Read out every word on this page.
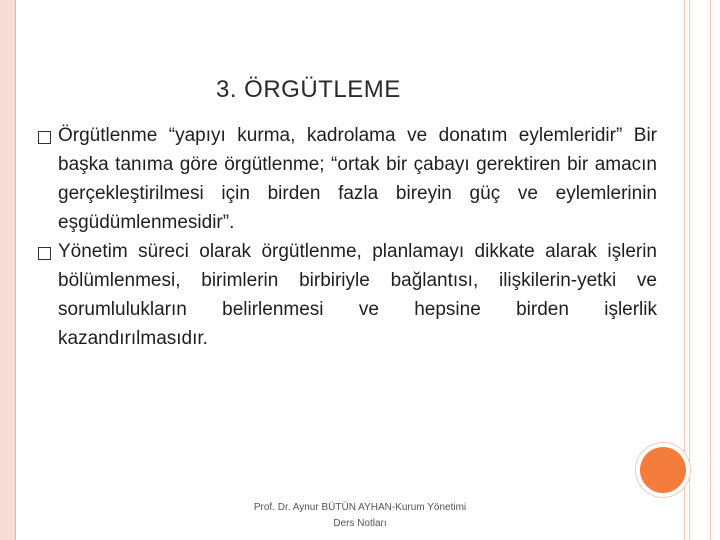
3. ÖRGÜTLEME

Örgütlenme “yapıyı kurma, kadrolama ve donatım eylemleridir” Bir başka tanıma göre örgütlenme; “ortak bir çabayı gerektiren bir amacın gerçekleştirilmesi için birden fazla bireyin güç ve eylemlerinin eşgüdümlenmesidir”.

Yönetim süreci olarak örgütlenme, planlamayı dikkate alarak işlerin bölümlenmesi, birimlerin birbiriyle bağlantısı, ilişkilerin-yetki ve sorumlulukların belirlenmesi ve hepsine birden işlerlik kazandırılmasıdır.

Prof. Dr. Aynur BÜTÜN AYHAN-Kurum Yönetimi
Ders Notları
